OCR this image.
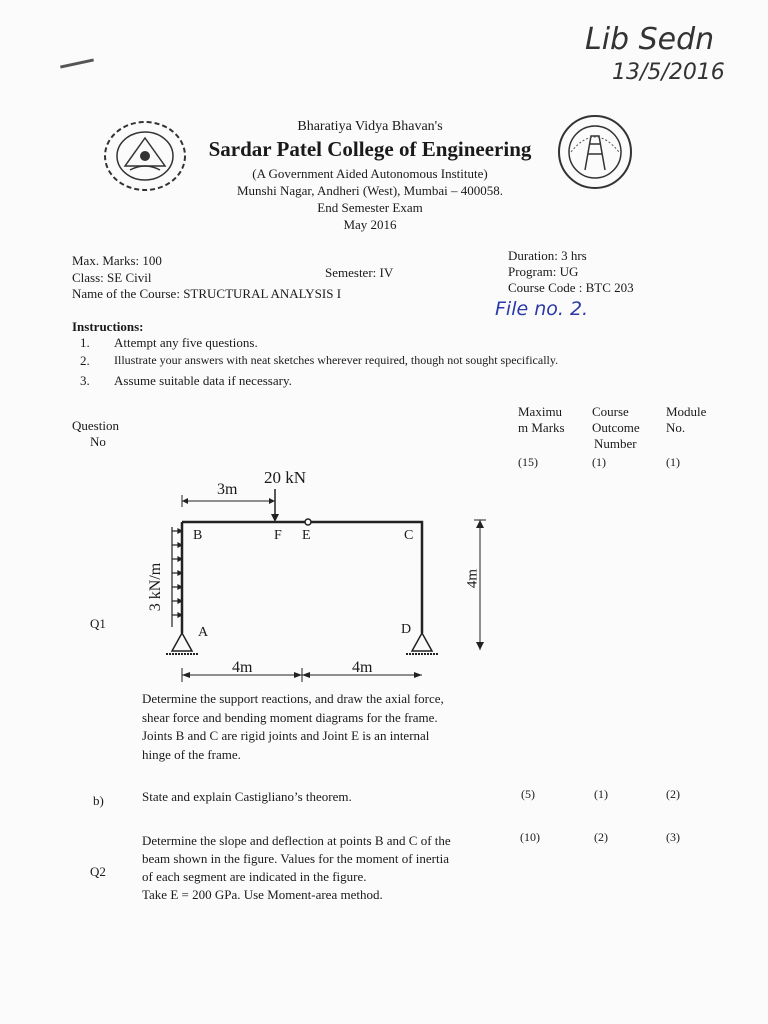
Lib Sedn
13/5/2016
Bharatiya Vidya Bhavan's
Sardar Patel College of Engineering
(A Government Aided Autonomous Institute)
Munshi Nagar, Andheri (West), Mumbai – 400058.
End Semester Exam
May 2016
Max. Marks: 100
Class: SE Civil	Semester: IV
Name of the Course: STRUCTURAL ANALYSIS I
Duration: 3 hrs
Program: UG
Course Code : BTC 203
File no. 2.
Instructions:
1. Attempt any five questions.
2. Illustrate your answers with neat sketches wherever required, though not sought specifically.
3. Assume suitable data if necessary.
Question
No
Maximu
m Marks
Course
Outcome
Number
Module
No.
(15)	(1)	(1)
Q1
20 kN
3m
B	F E	C
A	D
3 kN/m	4m
4m	4m
Determine the support reactions, and draw the axial force,
shear force and bending moment diagrams for the frame.
Joints B and C are rigid joints and Joint E is an internal
hinge of the frame.
b)	State and explain Castigliano’s theorem.	(5)	(1)	(2)
Q2
Determine the slope and deflection at points B and C of the
beam shown in the figure. Values for the moment of inertia
of each segment are indicated in the figure.
Take E = 200 GPa. Use Moment-area method.
(10)	(2)	(3)
